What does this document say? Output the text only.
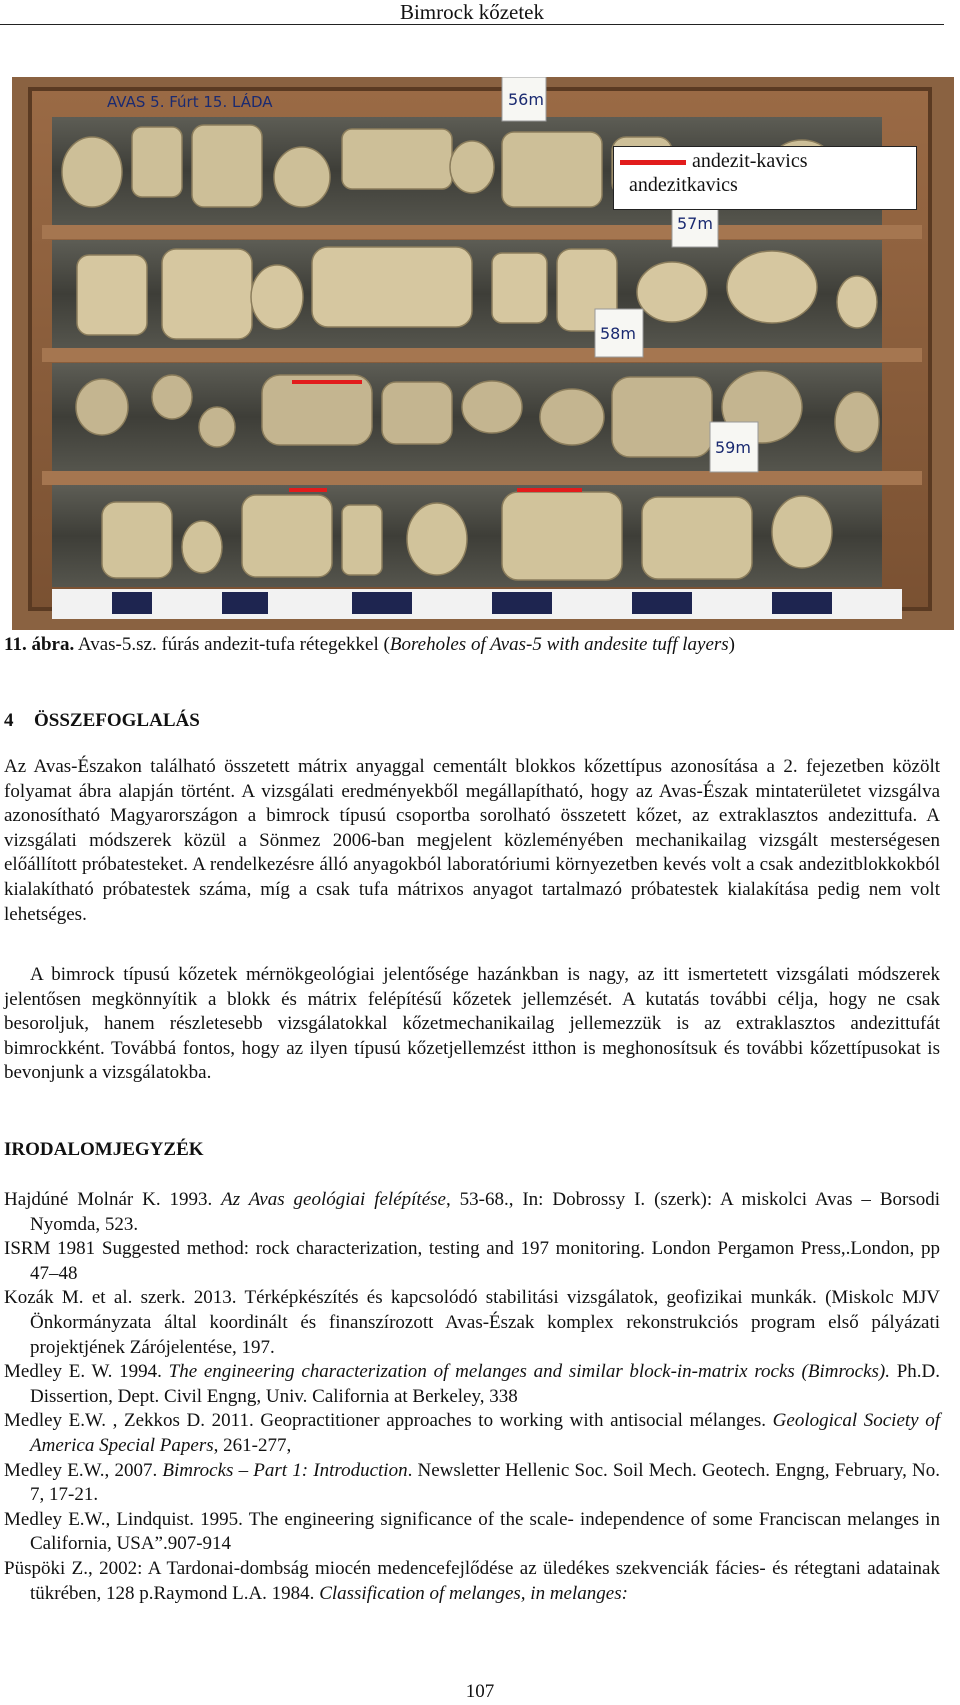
Bimrock kőzetek
56m
57m
58m
59m
AVAS 5. Fúrt 15. LÁDA
andezit-kavics
andezitkavics
11. ábra. Avas-5.sz. fúrás andezit-tufa rétegekkel (Boreholes of Avas-5 with andesite tuff layers)
4 ÖSSZEFOGLALÁS

Az Avas-Északon található összetett mátrix anyaggal cementált blokkos kőzettípus azonosítása a 2. fejezetben közölt folyamat ábra alapján történt. A vizsgálati eredményekből megállapítható, hogy az Avas-Észak mintaterületet vizsgálva azonosítható Magyarországon a bimrock típusú csoportba sorolható összetett kőzet, az extraklasztos andezittufa. A vizsgálati módszerek közül a Sönmez 2006-ban megjelent közleményében mechanikailag vizsgált mesterségesen előállított próbatesteket. A rendelkezésre álló anyagokból laboratóriumi környezetben kevés volt a csak andezitblokkokból kialakítható próbatestek száma, míg a csak tufa mátrixos anyagot tartalmazó próbatestek kialakítása pedig nem volt lehetséges.

A bimrock típusú kőzetek mérnökgeológiai jelentősége hazánkban is nagy, az itt ismertetett vizsgálati módszerek jelentősen megkönnyítik a blokk és mátrix felépítésű kőzetek jellemzését. A kutatás további célja, hogy ne csak besoroljuk, hanem részletesebb vizsgálatokkal kőzetmechanikailag jellemezzük is az extraklasztos andezittufát bimrockként. Továbbá fontos, hogy az ilyen típusú kőzetjellemzést itthon is meghonosítsuk és további kőzettípusokat is bevonjunk a vizsgálatokba.

IRODALOMJEGYZÉK

Hajdúné Molnár K. 1993. Az Avas geológiai felépítése, 53-68., In: Dobrossy I. (szerk): A miskolci Avas – Borsodi Nyomda, 523.

ISRM 1981 Suggested method: rock characterization, testing and 197 monitoring. London Pergamon Press,.London, pp 47–48

Kozák M. et al. szerk. 2013. Térképkészítés és kapcsolódó stabilitási vizsgálatok, geofizikai munkák. (Miskolc MJV Önkormányzata által koordinált és finanszírozott Avas-Észak komplex rekonstrukciós program első pályázati projektjének Zárójelentése, 197.

Medley E. W. 1994. The engineering characterization of melanges and similar block-in-matrix rocks (Bimrocks). Ph.D. Dissertion, Dept. Civil Engng, Univ. California at Berkeley, 338

Medley E.W. , Zekkos D. 2011. Geopractitioner approaches to working with antisocial mélanges. Geological Society of America Special Papers, 261-277,

Medley E.W., 2007. Bimrocks – Part 1: Introduction. Newsletter Hellenic Soc. Soil Mech. Geotech. Engng, February, No. 7, 17-21.

Medley E.W., Lindquist. 1995. The engineering significance of the scale- independence of some Franciscan melanges in California, USA”.907-914

Püspöki Z., 2002: A Tardonai-dombság miocén medencefejlődése az üledékes szekvenciák fácies- és rétegtani adatainak tükrében, 128 p.Raymond L.A. 1984. Classification of melanges, in melanges:

107
